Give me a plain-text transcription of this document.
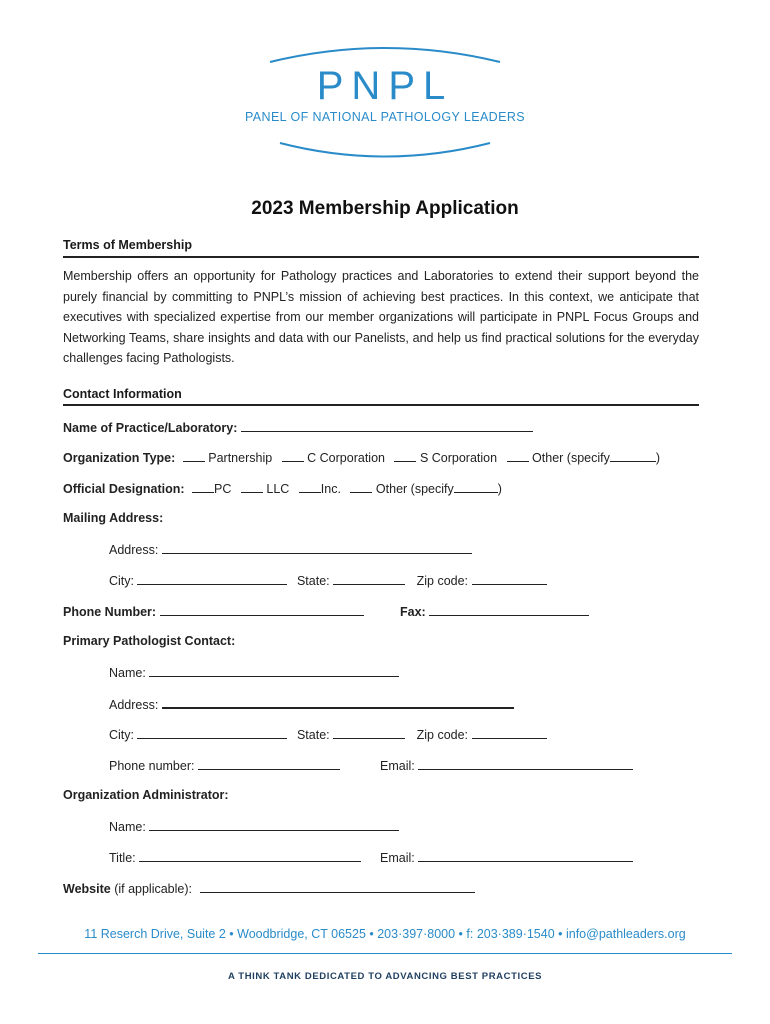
PNPL
PANEL OF NATIONAL PATHOLOGY LEADERS
2023 Membership Application
Terms of Membership
Membership offers an opportunity for Pathology practices and Laboratories to extend their support beyond the purely financial by committing to PNPL’s mission of achieving best practices. In this context, we anticipate that executives with specialized expertise from our member organizations will participate in PNPL Focus Groups and Networking Teams, share insights and data with our Panelists, and help us find practical solutions for the everyday challenges facing Pathologists.
Contact Information
Name of Practice/Laboratory:
Organization Type:	Partnership	C Corporation	S Corporation	Other (specify	)
Official Designation: PC	LLC	Inc.	Other (specify	)
Mailing Address:
Address:
City:	State:	Zip code:
Phone Number:	Fax:
Primary Pathologist Contact:
Name:
Address:
City:	State:	Zip code:
Phone number:	Email:
Organization Administrator:
Name:
Title:	Email:
Website (if applicable):
11 Reserch Drive, Suite 2 • Woodbridge, CT 06525 • 203·397·8000 • f: 203·389·1540 • info@pathleaders.org
A THINK TANK DEDICATED TO ADVANCING BEST PRACTICES
